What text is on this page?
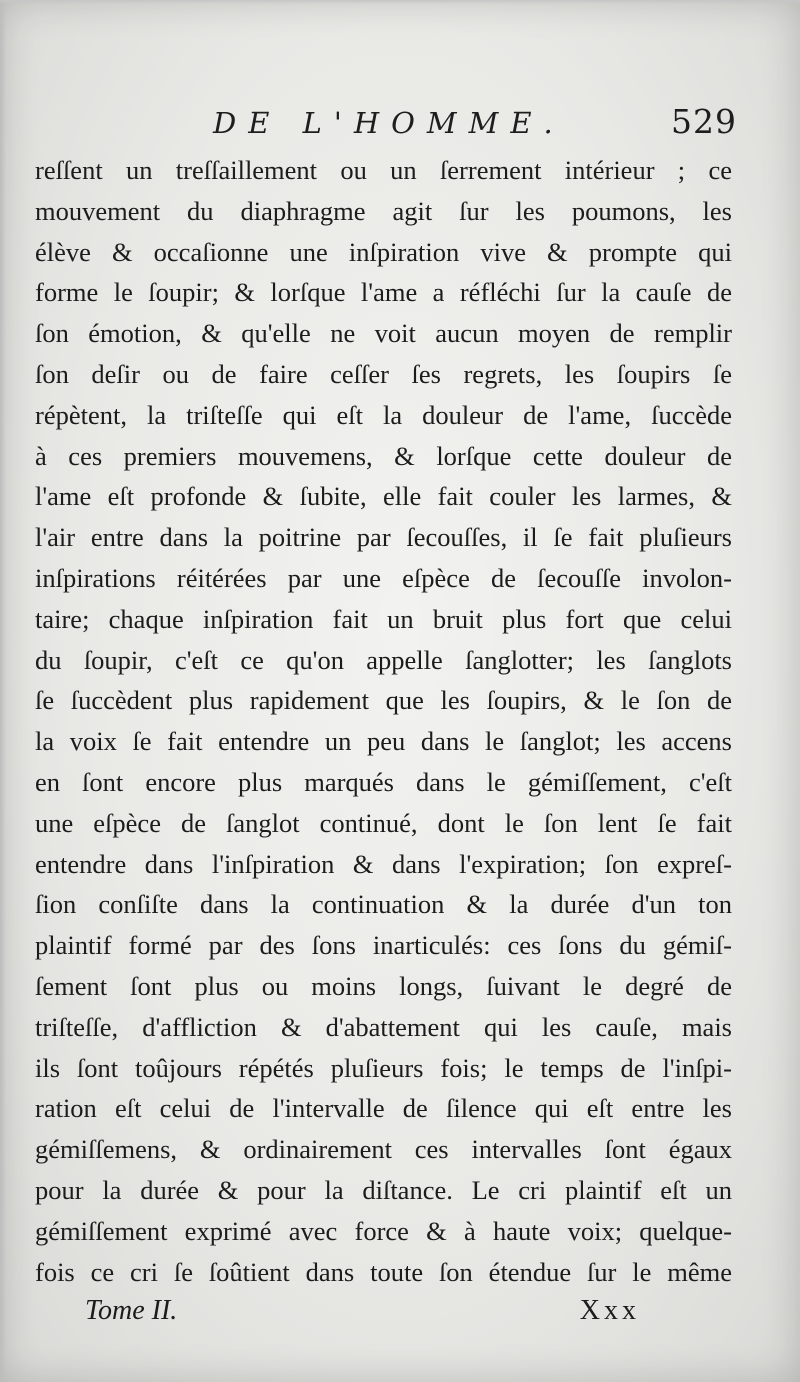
DE L'HOMME.	529
reſſent un treſſaillement ou un ſerrement intérieur ; ce
mouvement du diaphragme agit ſur les poumons, les
élève & occaſionne une inſpiration vive & prompte qui
forme le ſoupir; & lorſque l'ame a réfléchi ſur la cauſe de
ſon émotion, & qu'elle ne voit aucun moyen de remplir
ſon deſir ou de faire ceſſer ſes regrets, les ſoupirs ſe
répètent, la triſteſſe qui eſt la douleur de l'ame, ſuccède
à ces premiers mouvemens, & lorſque cette douleur de
l'ame eſt profonde & ſubite, elle fait couler les larmes, &
l'air entre dans la poitrine par ſecouſſes, il ſe fait pluſieurs
inſpirations réitérées par une eſpèce de ſecouſſe involon-
taire; chaque inſpiration fait un bruit plus fort que celui
du ſoupir, c'eſt ce qu'on appelle ſanglotter; les ſanglots
ſe ſuccèdent plus rapidement que les ſoupirs, & le ſon de
la voix ſe fait entendre un peu dans le ſanglot; les accens
en ſont encore plus marqués dans le gémiſſement, c'eſt
une eſpèce de ſanglot continué, dont le ſon lent ſe fait
entendre dans l'inſpiration & dans l'expiration; ſon expreſ-
ſion conſiſte dans la continuation & la durée d'un ton
plaintif formé par des ſons inarticulés: ces ſons du gémiſ-
ſement ſont plus ou moins longs, ſuivant le degré de
triſteſſe, d'affliction & d'abattement qui les cauſe, mais
ils ſont toûjours répétés pluſieurs fois; le temps de l'inſpi-
ration eſt celui de l'intervalle de ſilence qui eſt entre les
gémiſſemens, & ordinairement ces intervalles ſont égaux
pour la durée & pour la diſtance. Le cri plaintif eſt un
gémiſſement exprimé avec force & à haute voix; quelque-
fois ce cri ſe ſoûtient dans toute ſon étendue ſur le même
Tome II.	Xxx
